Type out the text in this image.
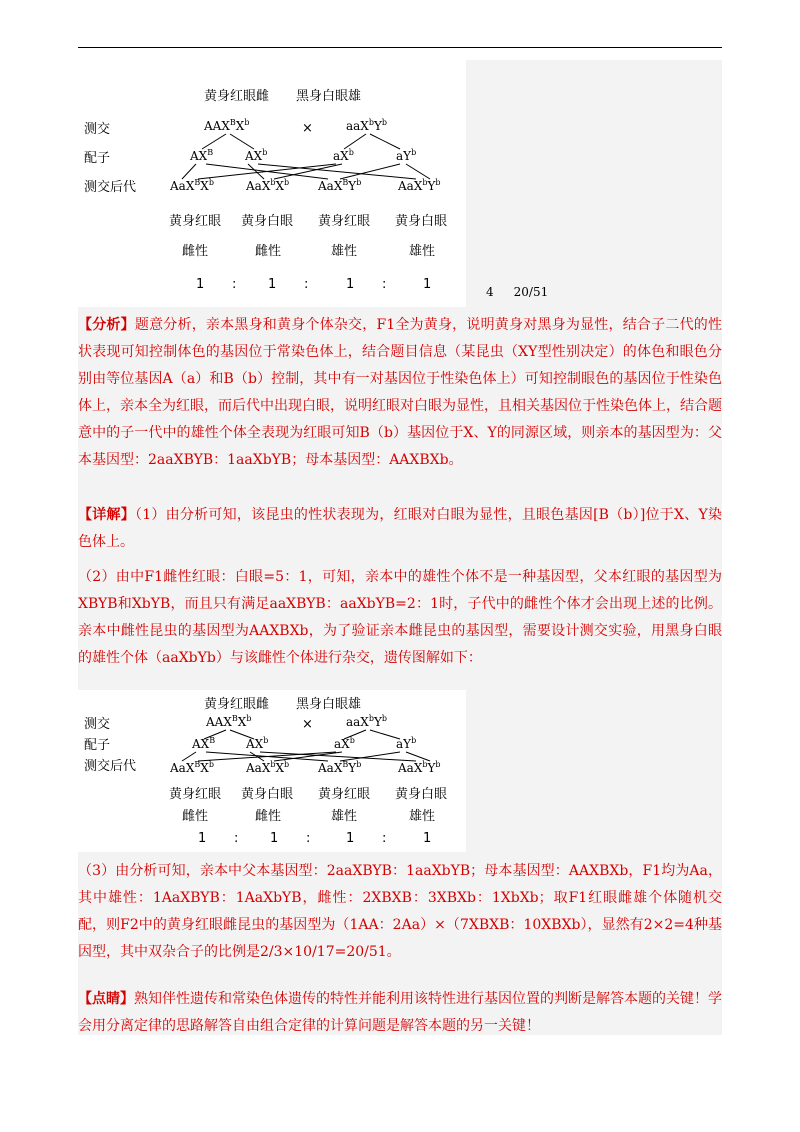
黄身红眼雌 黑身白眼雄
测交
配子
测交后代
$AAX^BX^b$	×	$aaX^bY^b$
$AX^B$	$AX^b$	$aX^b$	$aY^b$
$AaX^BX^b$	$AaX^bX^b$ $AaX^BY^b$	$AaX^bY^b$
黄身红眼 黄身白眼 黄身红眼 黄身白眼
雌性	雌性	雄性	雄性
1 : 1 :	1 :	1	4 20/51
【分析】题意分析，亲本黑身和黄身个体杂交，F1全为黄身，说明黄身对黑身为显性，结合子二代的性状表现可知控制体色的基因位于常染色体上，结合题目信息（某昆虫（XY型性别决定）的体色和眼色分别由等位基因A（a）和B（b）控制，其中有一对基因位于性染色体上）可知控制眼色的基因位于性染色体上，亲本全为红眼，而后代中出现白眼，说明红眼对白眼为显性，且相关基因位于性染色体上，结合题意中的子一代中的雄性个体全表现为红眼可知B（b）基因位于X、Y的同源区域，则亲本的基因型为：父本基因型：2aaXBYB：1aaXbYB；母本基因型：AAXBXb。
【详解】（1）由分析可知，该昆虫的性状表现为，红眼对白眼为显性，且眼色基因[B（b）]位于X、Y染色体上。
（2）由中F1雌性红眼：白眼=5：1，可知，亲本中的雄性个体不是一种基因型，父本红眼的基因型为XBYB和XbYB，而且只有满足aaXBYB：aaXbYB=2：1时，子代中的雌性个体才会出现上述的比例。亲本中雌性昆虫的基因型为AAXBXb，为了验证亲本雌昆虫的基因型，需要设计测交实验，用黑身白眼的雄性个体（aaXbYb）与该雌性个体进行杂交，遗传图解如下：
黄身红眼雌 黑身白眼雄
测交
配子
测交后代
$AAX^BX^b$	×	$aaX^bY^b$
$AX^B$	$AX^b$	$aX^b$	$aY^b$
$AaX^BX^b$	$AaX^bX^b$ $AaX^BY^b$	$AaX^bY^b$
黄身红眼 黄身白眼 黄身红眼 黄身白眼
雌性	雌性	雄性	雄性
1 : 1 :	1 :	1
（3）由分析可知，亲本中父本基因型：2aaXBYB：1aaXbYB；母本基因型：AAXBXb，F1均为Aa，其中雄性：1AaXBYB：1AaXbYB，雌性：2XBXB：3XBXb：1XbXb；取F1红眼雌雄个体随机交配，则F2中的黄身红眼雌昆虫的基因型为（1AA：2Aa）×（7XBXB：10XBXb），显然有2×2=4种基因型，其中双杂合子的比例是2/3×10/17=20/51。
【点睛】熟知伴性遗传和常染色体遗传的特性并能利用该特性进行基因位置的判断是解答本题的关键！学会用分离定律的思路解答自由组合定律的计算问题是解答本题的另一关键！
